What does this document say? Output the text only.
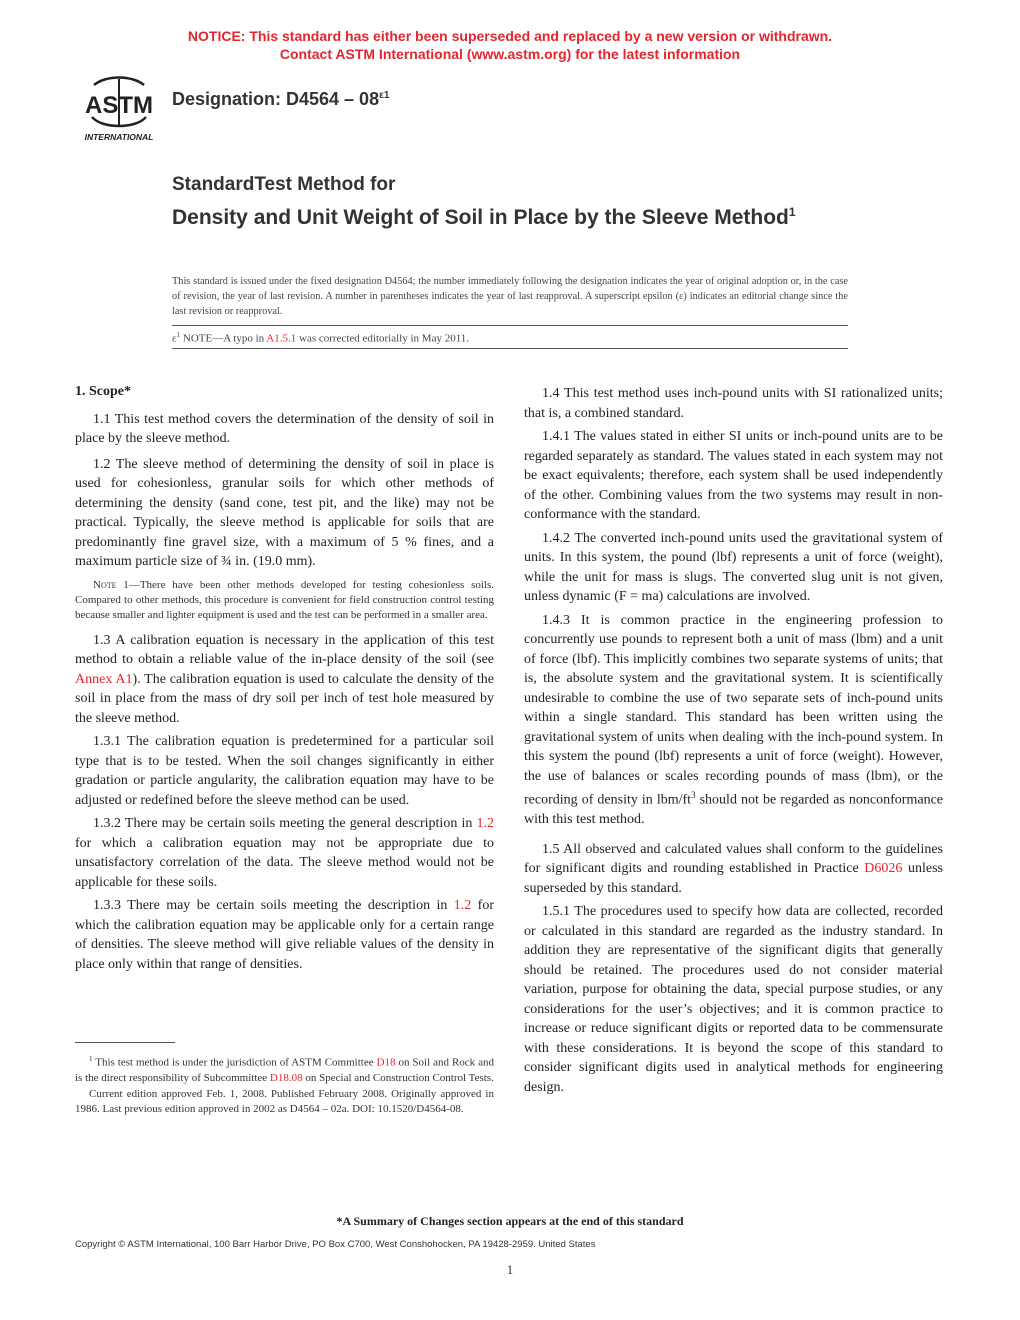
NOTICE: This standard has either been superseded and replaced by a new version or withdrawn.
Contact ASTM International (www.astm.org) for the latest information
ASTM
INTERNATIONAL
Designation: $D4564 - 08^{\varepsilon 1}$
StandardTest Method for
Density and Unit Weight of Soil in Place by the Sleeve Method$^1$
This standard is issued under the fixed designation D4564; the number immediately following the designation indicates the year of original adoption or, in the case of revision, the year of last revision. A number in parentheses indicates the year of last reapproval. A superscript epsilon (ε) indicates an editorial change since the last revision or reapproval.
$\varepsilon^1$ NOTE—A typo in A1.5.1 was corrected editorially in May 2011.
1. Scope*

1.1 This test method covers the determination of the density of soil in place by the sleeve method.

1.2 The sleeve method of determining the density of soil in place is used for cohesionless, granular soils for which other methods of determining the density (sand cone, test pit, and the like) may not be practical. Typically, the sleeve method is applicable for soils that are predominantly fine gravel size, with a maximum of 5 % fines, and a maximum particle size of ¾ in. (19.0 mm).

Note 1—There have been other methods developed for testing cohesionless soils. Compared to other methods, this procedure is convenient for field construction control testing because smaller and lighter equipment is used and the test can be performed in a smaller area.

1.3 A calibration equation is necessary in the application of this test method to obtain a reliable value of the in-place density of the soil (see Annex A1). The calibration equation is used to calculate the density of the soil in place from the mass of dry soil per inch of test hole measured by the sleeve method.

1.3.1 The calibration equation is predetermined for a particular soil type that is to be tested. When the soil changes significantly in either gradation or particle angularity, the calibration equation may have to be adjusted or redefined before the sleeve method can be used.

1.3.2 There may be certain soils meeting the general description in 1.2 for which a calibration equation may not be appropriate due to unsatisfactory correlation of the data. The sleeve method would not be applicable for these soils.

1.3.3 There may be certain soils meeting the description in 1.2 for which the calibration equation may be applicable only for a certain range of densities. The sleeve method will give reliable values of the density in place only within that range of densities.

$^1$ This test method is under the jurisdiction of ASTM Committee D18 on Soil and Rock and is the direct responsibility of Subcommittee D18.08 on Special and Construction Control Tests.

Current edition approved Feb. 1, 2008. Published February 2008. Originally approved in 1986. Last previous edition approved in 2002 as D4564 – 02a. DOI: 10.1520/D4564-08.

1.4 This test method uses inch-pound units with SI rationalized units; that is, a combined standard.

1.4.1 The values stated in either SI units or inch-pound units are to be regarded separately as standard. The values stated in each system may not be exact equivalents; therefore, each system shall be used independently of the other. Combining values from the two systems may result in non-conformance with the standard.

1.4.2 The converted inch-pound units used the gravitational system of units. In this system, the pound (lbf) represents a unit of force (weight), while the unit for mass is slugs. The converted slug unit is not given, unless dynamic (F = ma) calculations are involved.

1.4.3 It is common practice in the engineering profession to concurrently use pounds to represent both a unit of mass (lbm) and a unit of force (lbf). This implicitly combines two separate systems of units; that is, the absolute system and the gravitational system. It is scientifically undesirable to combine the use of two separate sets of inch-pound units within a single standard. This standard has been written using the gravitational system of units when dealing with the inch-pound system. In this system the pound (lbf) represents a unit of force (weight). However, the use of balances or scales recording pounds of mass (lbm), or the recording of density in lbm/$ft^3$ should not be regarded as nonconformance with this test method.

1.5 All observed and calculated values shall conform to the guidelines for significant digits and rounding established in Practice D6026 unless superseded by this standard.

1.5.1 The procedures used to specify how data are collected, recorded or calculated in this standard are regarded as the industry standard. In addition they are representative of the significant digits that generally should be retained. The procedures used do not consider material variation, purpose for obtaining the data, special purpose studies, or any considerations for the user’s objectives; and it is common practice to increase or reduce significant digits or reported data to be commensurate with these considerations. It is beyond the scope of this standard to consider significant digits used in analytical methods for engineering design.

*A Summary of Changes section appears at the end of this standard
Copyright © ASTM International, 100 Barr Harbor Drive, PO Box C700, West Conshohocken, PA 19428-2959. United States
1
